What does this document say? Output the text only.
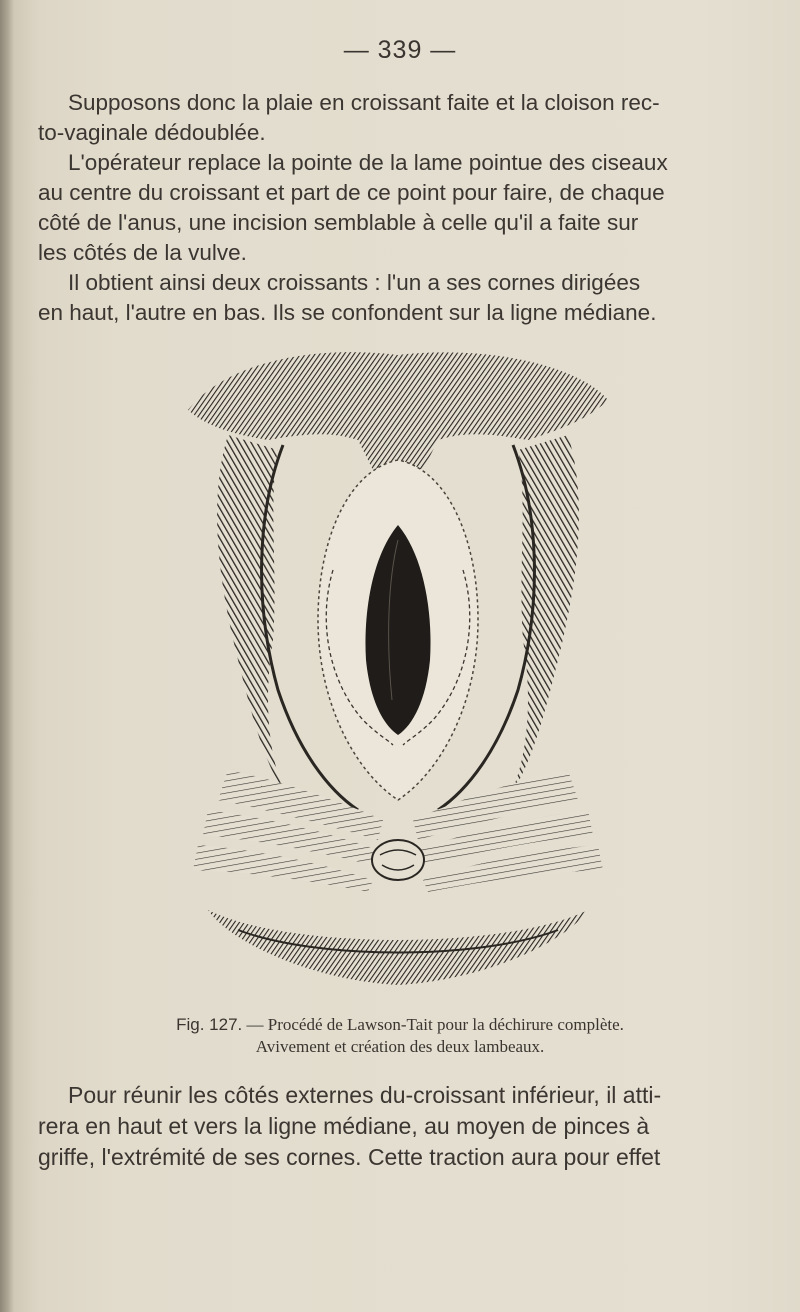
— 339 —
Supposons donc la plaie en croissant faite et la cloison rec-
to-vaginale dédoublée.
L'opérateur replace la pointe de la lame pointue des ciseaux
au centre du croissant et part de ce point pour faire, de chaque
côté de l'anus, une incision semblable à celle qu'il a faite sur
les côtés de la vulve.
Il obtient ainsi deux croissants : l'un a ses cornes dirigées
en haut, l'autre en bas. Ils se confondent sur la ligne médiane.
Fig. 127. — Procédé de Lawson-Tait pour la déchirure complète.
Avivement et création des deux lambeaux.
Pour réunir les côtés externes du-croissant inférieur, il atti-
rera en haut et vers la ligne médiane, au moyen de pinces à
griffe, l'extrémité de ses cornes. Cette traction aura pour effet
